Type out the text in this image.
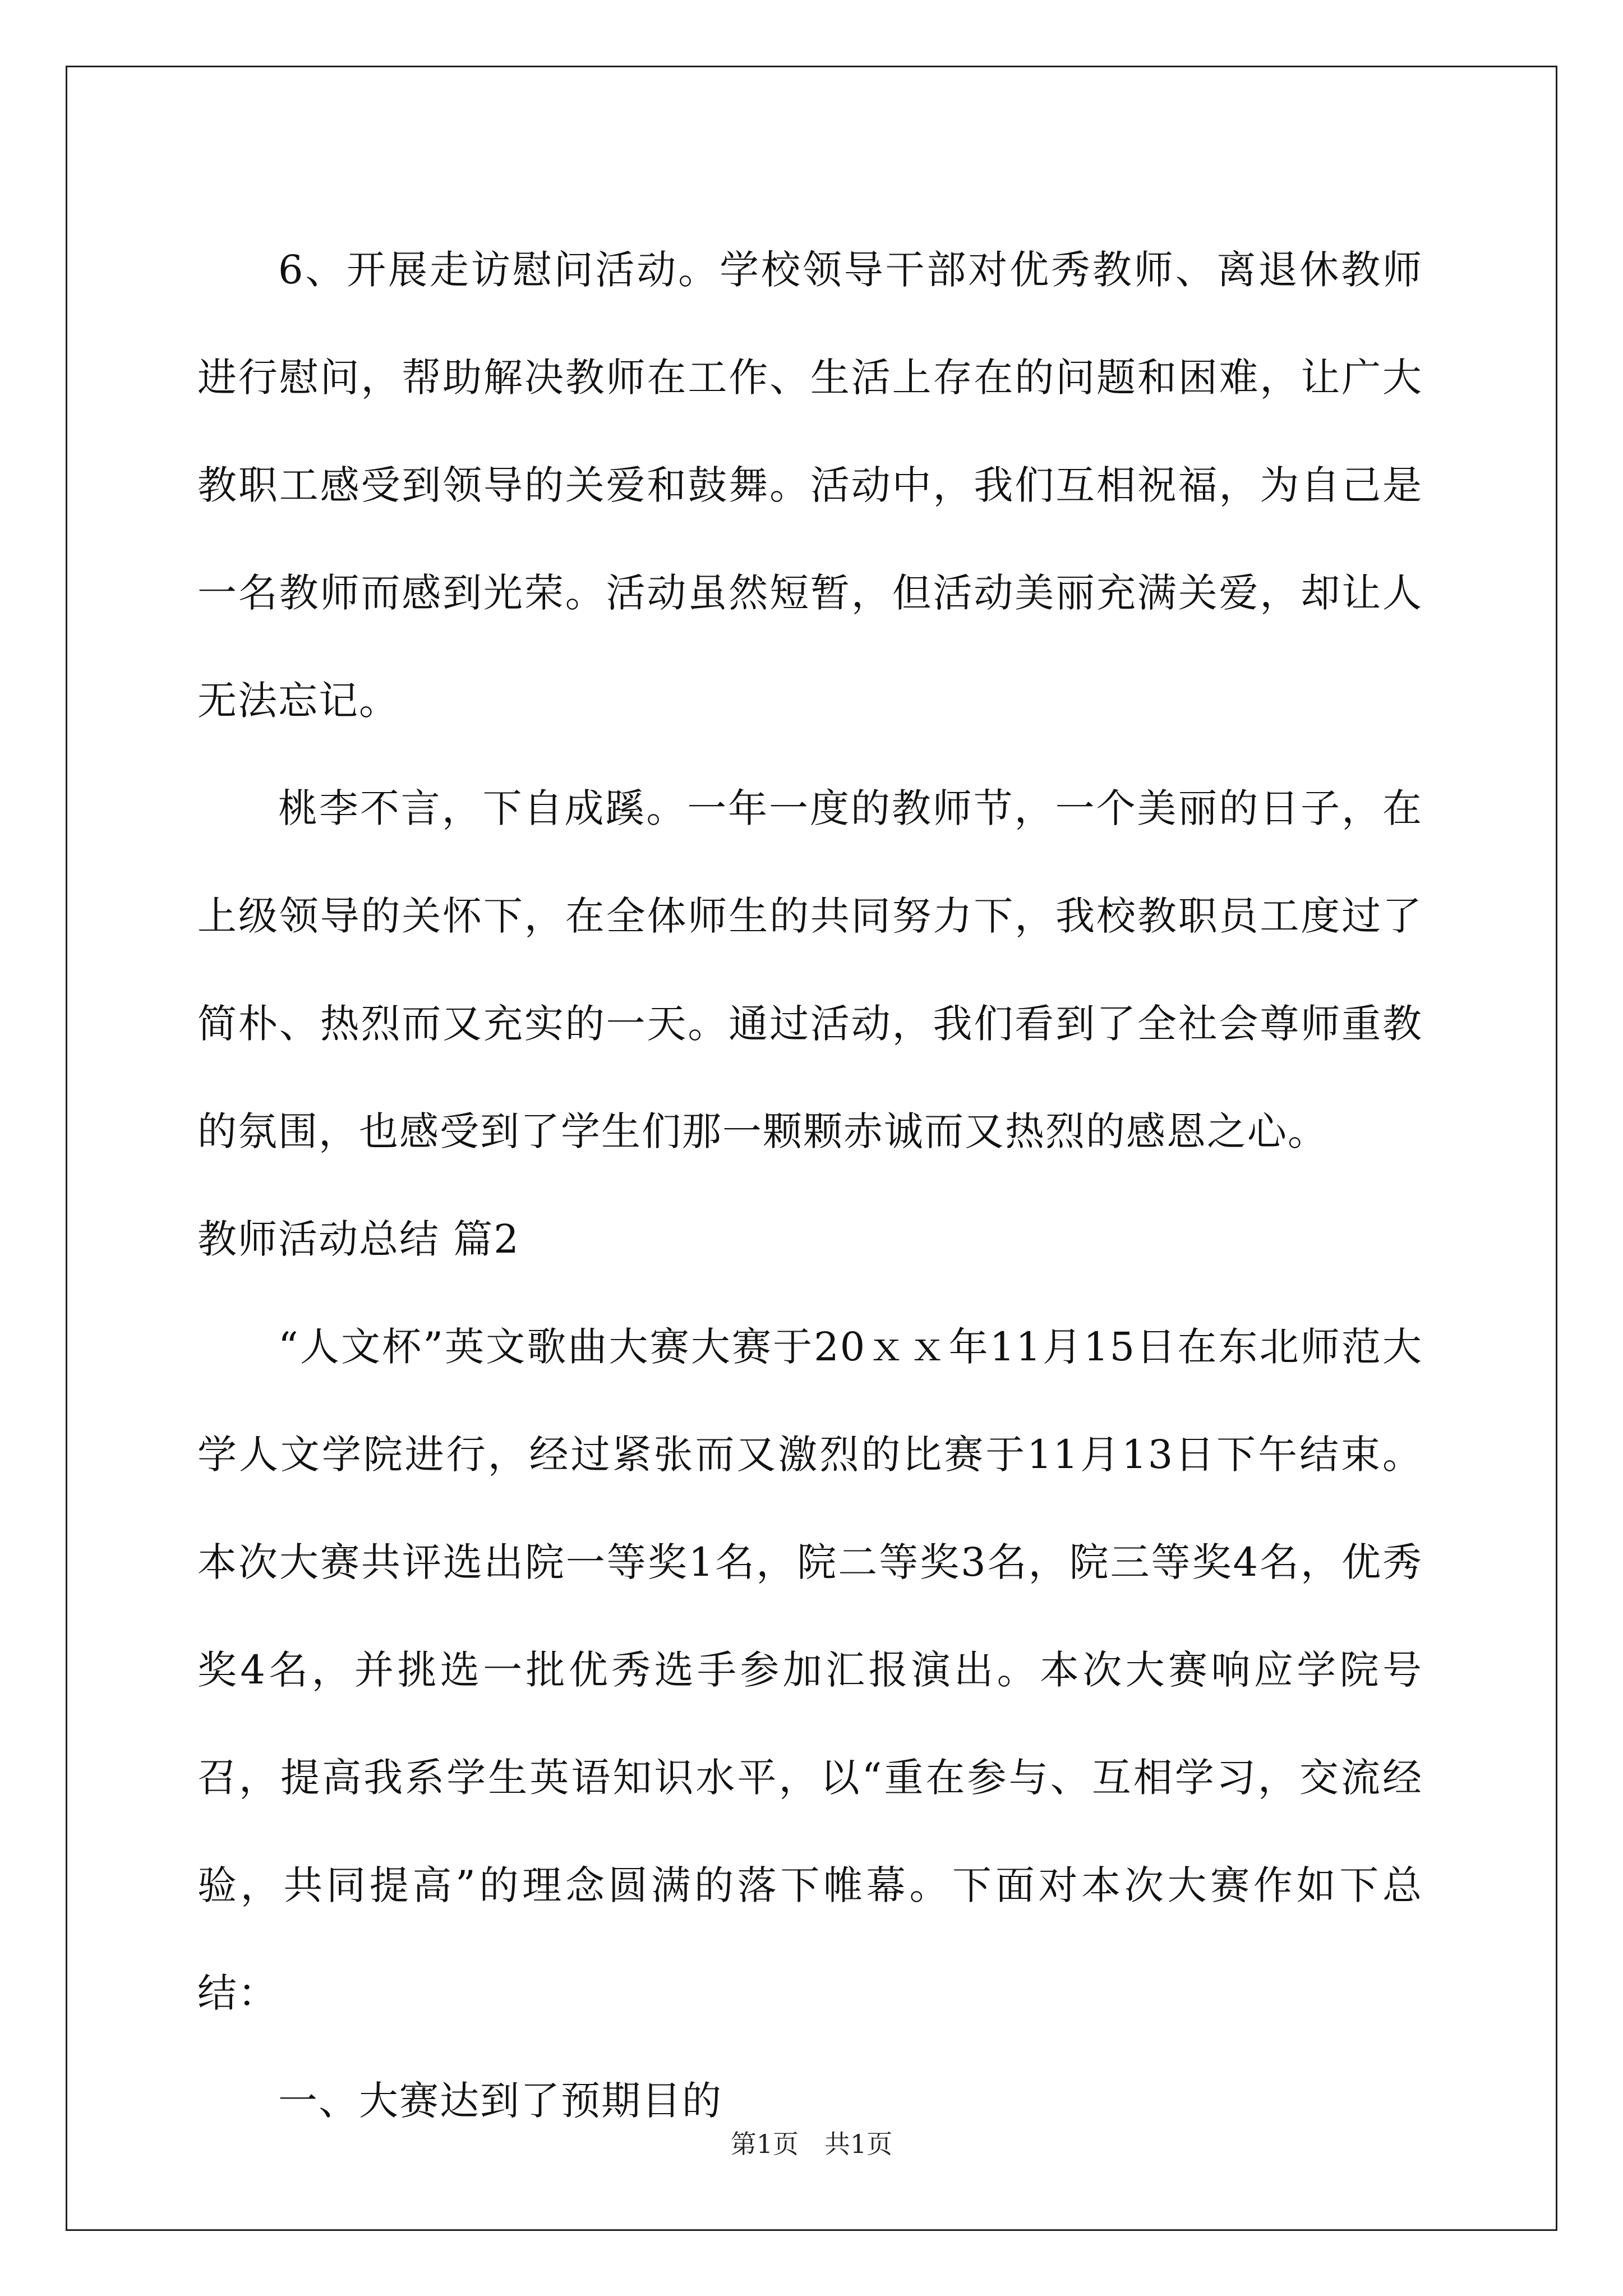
6、开展走访慰问活动。学校领导干部对优秀教师、离退休教师进行慰问，帮助解决教师在工作、生活上存在的问题和困难，让广大教职工感受到领导的关爱和鼓舞。活动中，我们互相祝福，为自己是一名教师而感到光荣。活动虽然短暂，但活动美丽充满关爱，却让人无法忘记。

桃李不言，下自成蹊。一年一度的教师节，一个美丽的日子，在上级领导的关怀下，在全体师生的共同努力下，我校教职员工度过了简朴、热烈而又充实的一天。通过活动，我们看到了全社会尊师重教的氛围，也感受到了学生们那一颗颗赤诚而又热烈的感恩之心。

教师活动总结 篇2

“人文杯”英文歌曲大赛大赛于20ｘｘ年11月15日在东北师范大学人文学院进行，经过紧张而又激烈的比赛于11月13日下午结束。本次大赛共评选出院一等奖1名，院二等奖3名，院三等奖4名，优秀奖4名，并挑选一批优秀选手参加汇报演出。本次大赛响应学院号召，提高我系学生英语知识水平，以“重在参与、互相学习，交流经验，共同提高”的理念圆满的落下帷幕。下面对本次大赛作如下总结：

一、大赛达到了预期目的

第1页　共1页
